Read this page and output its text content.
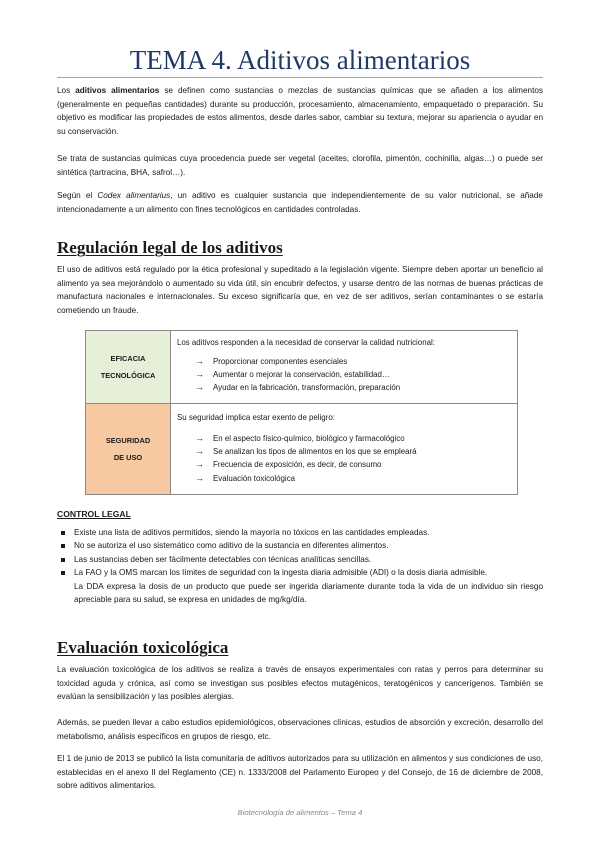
TEMA 4. Aditivos alimentarios

Los aditivos alimentarios se definen como sustancias o mezclas de sustancias químicas que se añaden a los alimentos (generalmente en pequeñas cantidades) durante su producción, procesamiento, almacenamiento, empaquetado o preparación. Su objetivo es modificar las propiedades de estos alimentos, desde darles sabor, cambiar su textura, mejorar su apariencia o ayudar en su conservación.

Se trata de sustancias químicas cuya procedencia puede ser vegetal (aceites, clorofila, pimentón, cochinilla, algas…) o puede ser sintética (tartracina, BHA, safrol…).

Según el Codex alimentarius, un aditivo es cualquier sustancia que independientemente de su valor nutricional, se añade intencionadamente a un alimento con fines tecnológicos en cantidades controladas.

Regulación legal de los aditivos

El uso de aditivos está regulado por la ética profesional y supeditado a la legislación vigente. Siempre deben aportar un beneficio al alimento ya sea mejorándolo o aumentado su vida útil, sin encubrir defectos, y usarse dentro de las normas de buenas prácticas de manufactura nacionales e internacionales. Su exceso significaría que, en vez de ser aditivos, serían contaminantes o se estaría cometiendo un fraude.

EFICACIA
TECNOLÓGICA

Los aditivos responden a la necesidad de conservar la calidad nutricional:

→ Proporcionar componentes esenciales
→ Aumentar o mejorar la conservación, estabilidad…
→ Ayudar en la fabricación, transformación, preparación
SEGURIDAD
DE USO

Su seguridad implica estar exento de peligro:

→ En el aspecto físico-químico, biológico y farmacológico
→ Se analizan los tipos de alimentos en los que se empleará
→ Frecuencia de exposición, es decir, de consumo
→ Evaluación toxicológica
CONTROL LEGAL
Existe una lista de aditivos permitidos, siendo la mayoría no tóxicos en las cantidades empleadas.
No se autoriza el uso sistemático como aditivo de la sustancia en diferentes alimentos.
Las sustancias deben ser fácilmente detectables con técnicas analíticas sencillas.
La FAO y la OMS marcan los límites de seguridad con la ingesta diaria admisible (ADI) o la dosis diaria admisible.
La DDA expresa la dosis de un producto que puede ser ingerida diariamente durante toda la vida de un individuo sin riesgo apreciable para su salud, se expresa en unidades de mg/kg/día.
Evaluación toxicológica

La evaluación toxicológica de los aditivos se realiza a través de ensayos experimentales con ratas y perros para determinar su toxicidad aguda y crónica, así como se investigan sus posibles efectos mutagénicos, teratogénicos y cancerígenos. También se evalúan la sensibilización y las posibles alergias.

Además, se pueden llevar a cabo estudios epidemiológicos, observaciones clínicas, estudios de absorción y excreción, desarrollo del metabolismo, análisis específicos en grupos de riesgo, etc.

El 1 de junio de 2013 se publicó la lista comunitaria de aditivos autorizados para su utilización en alimentos y sus condiciones de uso, establecidas en el anexo II del Reglamento (CE) n. 1333/2008 del Parlamento Europeo y del Consejo, de 16 de diciembre de 2008, sobre aditivos alimentarios.

Biotecnología de alimentos – Tema 4
